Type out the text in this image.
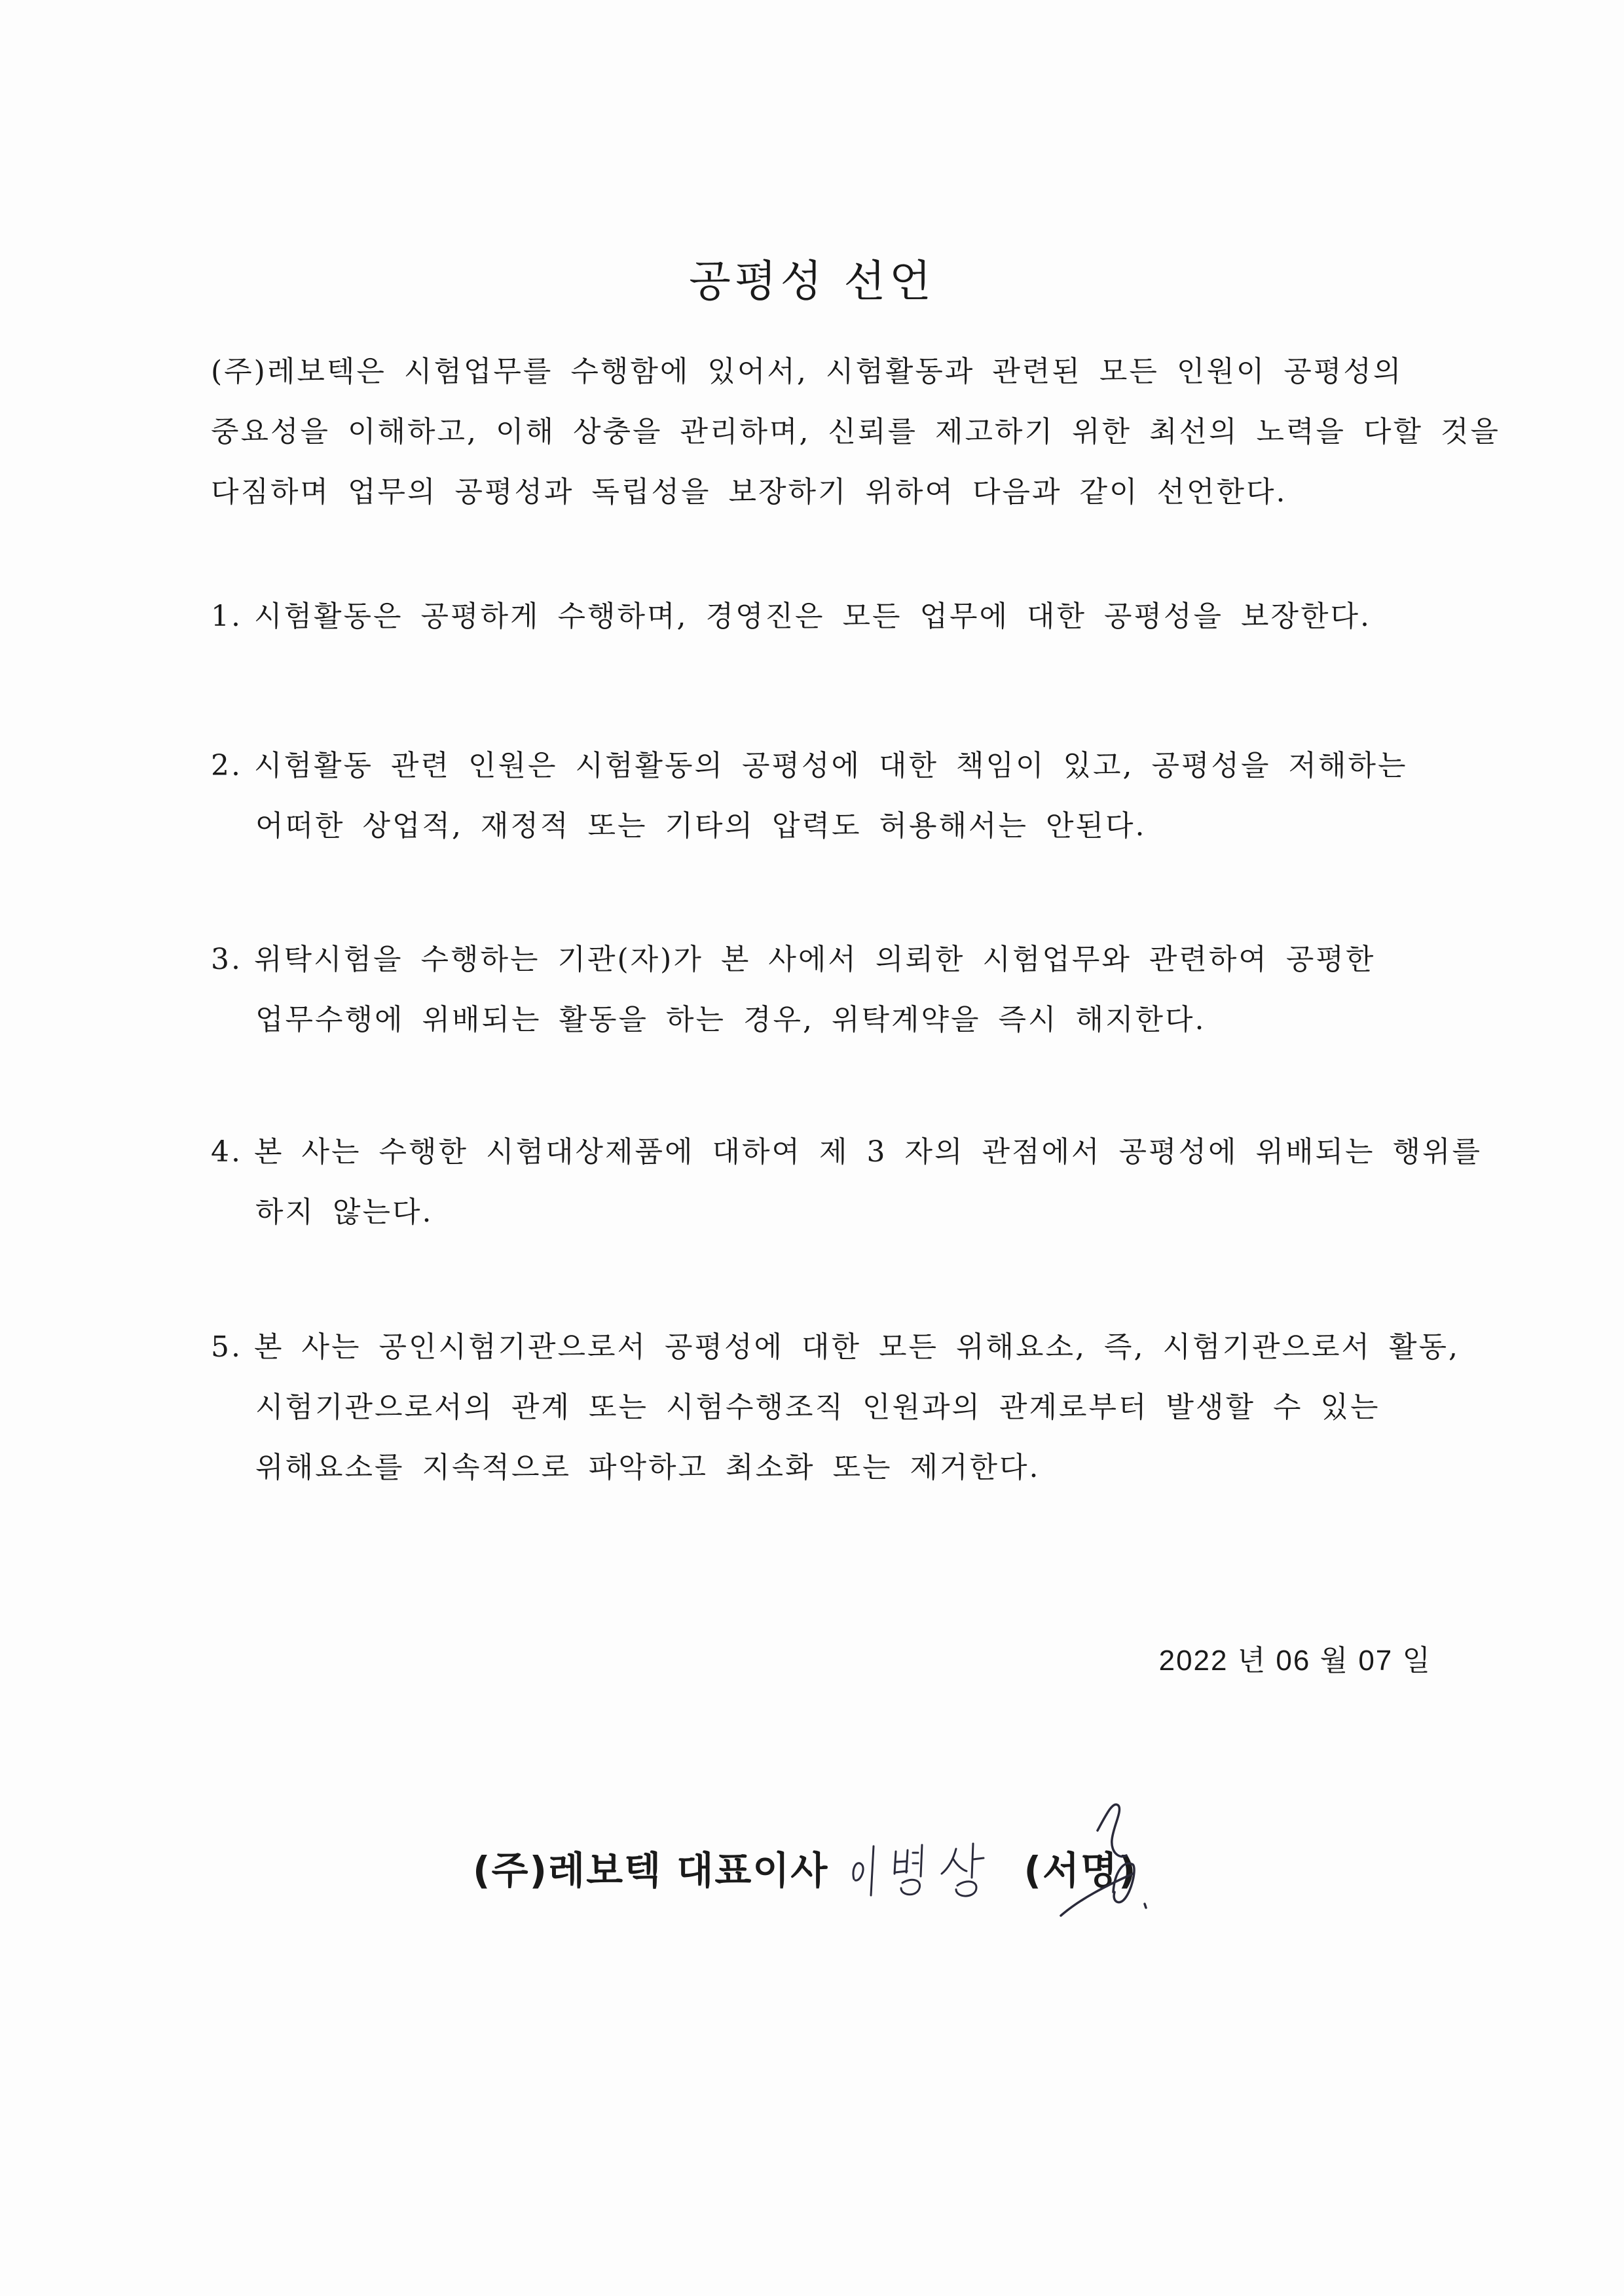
공평성 선언
(주)레보텍은 시험업무를 수행함에 있어서, 시험활동과 관련된 모든 인원이 공평성의
중요성을 이해하고, 이해 상충을 관리하며, 신뢰를 제고하기 위한 최선의 노력을 다할 것을
다짐하며 업무의 공평성과 독립성을 보장하기 위하여 다음과 같이 선언한다.
1. 시험활동은 공평하게 수행하며, 경영진은 모든 업무에 대한 공평성을 보장한다.
2. 시험활동 관련 인원은 시험활동의 공평성에 대한 책임이 있고, 공평성을 저해하는
어떠한 상업적, 재정적 또는 기타의 압력도 허용해서는 안된다.
3. 위탁시험을 수행하는 기관(자)가 본 사에서 의뢰한 시험업무와 관련하여 공평한
업무수행에 위배되는 활동을 하는 경우, 위탁계약을 즉시 해지한다.
4. 본 사는 수행한 시험대상제품에 대하여 제 3 자의 관점에서 공평성에 위배되는 행위를
하지 않는다.
5. 본 사는 공인시험기관으로서 공평성에 대한 모든 위해요소, 즉, 시험기관으로서 활동,
시험기관으로서의 관계 또는 시험수행조직 인원과의 관계로부터 발생할 수 있는
위해요소를 지속적으로 파악하고 최소화 또는 제거한다.
2022 년 06 월 07 일
(주)레보텍 대표이사	(서명)
